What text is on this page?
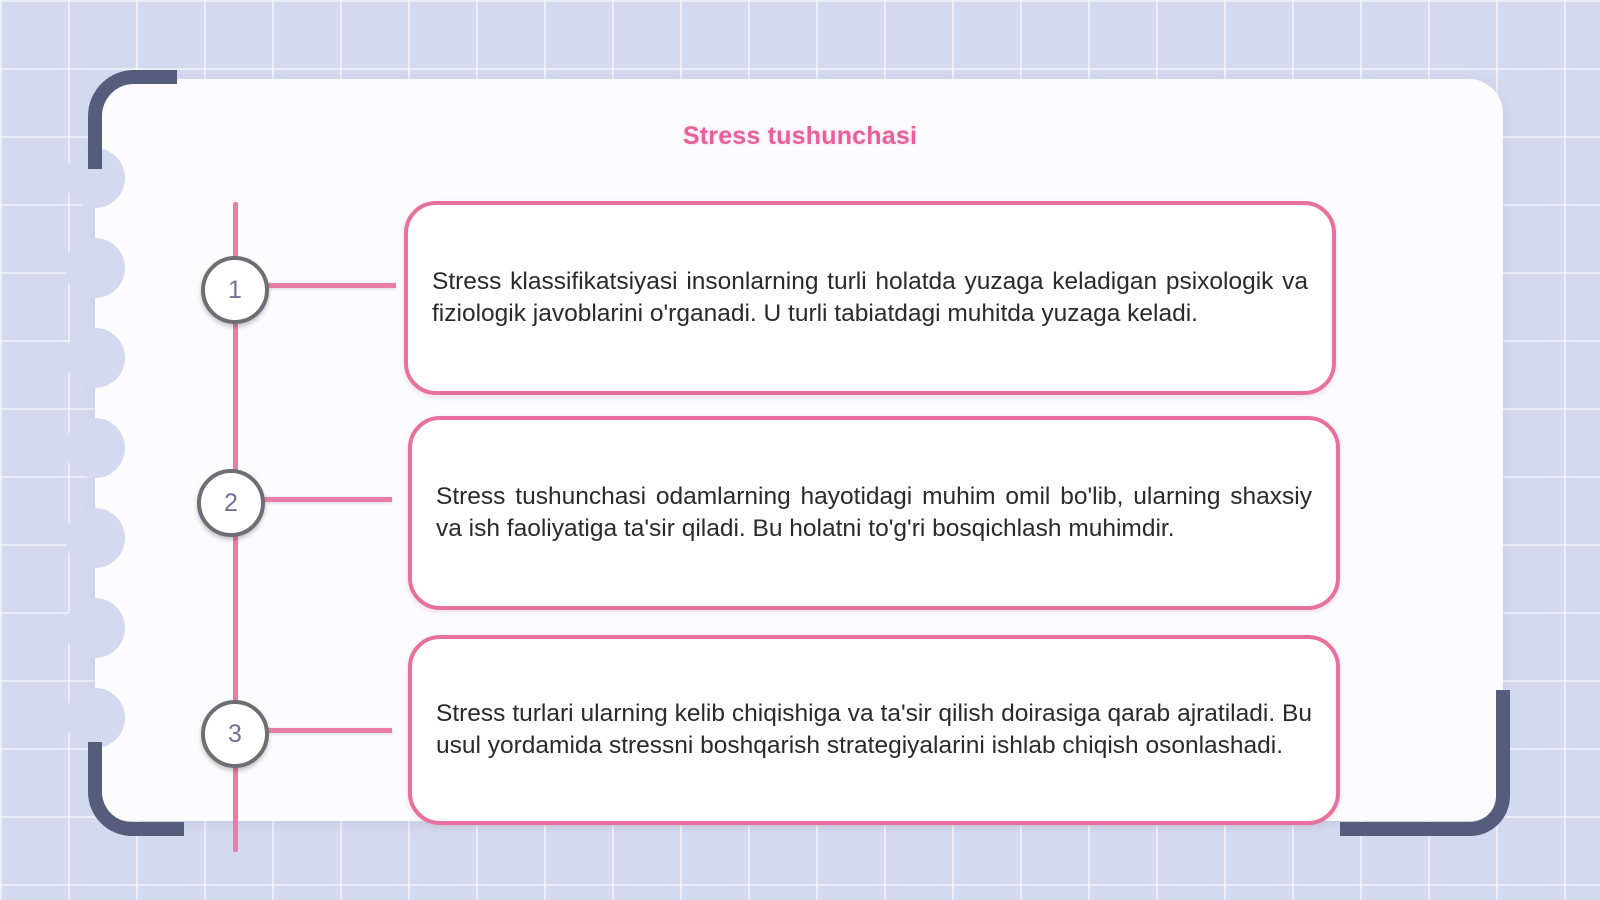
Stress tushunchasi
1
2
3

Stress klassifikatsiyasi insonlarning turli holatda yuzaga keladigan psixologik va fiziologik javoblarini o'rganadi. U turli tabiatdagi muhitda yuzaga keladi.

Stress tushunchasi odamlarning hayotidagi muhim omil bo'lib, ularning shaxsiy va ish faoliyatiga ta'sir qiladi. Bu holatni to'g'ri bosqichlash muhimdir.

Stress turlari ularning kelib chiqishiga va ta'sir qilish doirasiga qarab ajratiladi. Bu usul yordamida stressni boshqarish strategiyalarini ishlab chiqish osonlashadi.
